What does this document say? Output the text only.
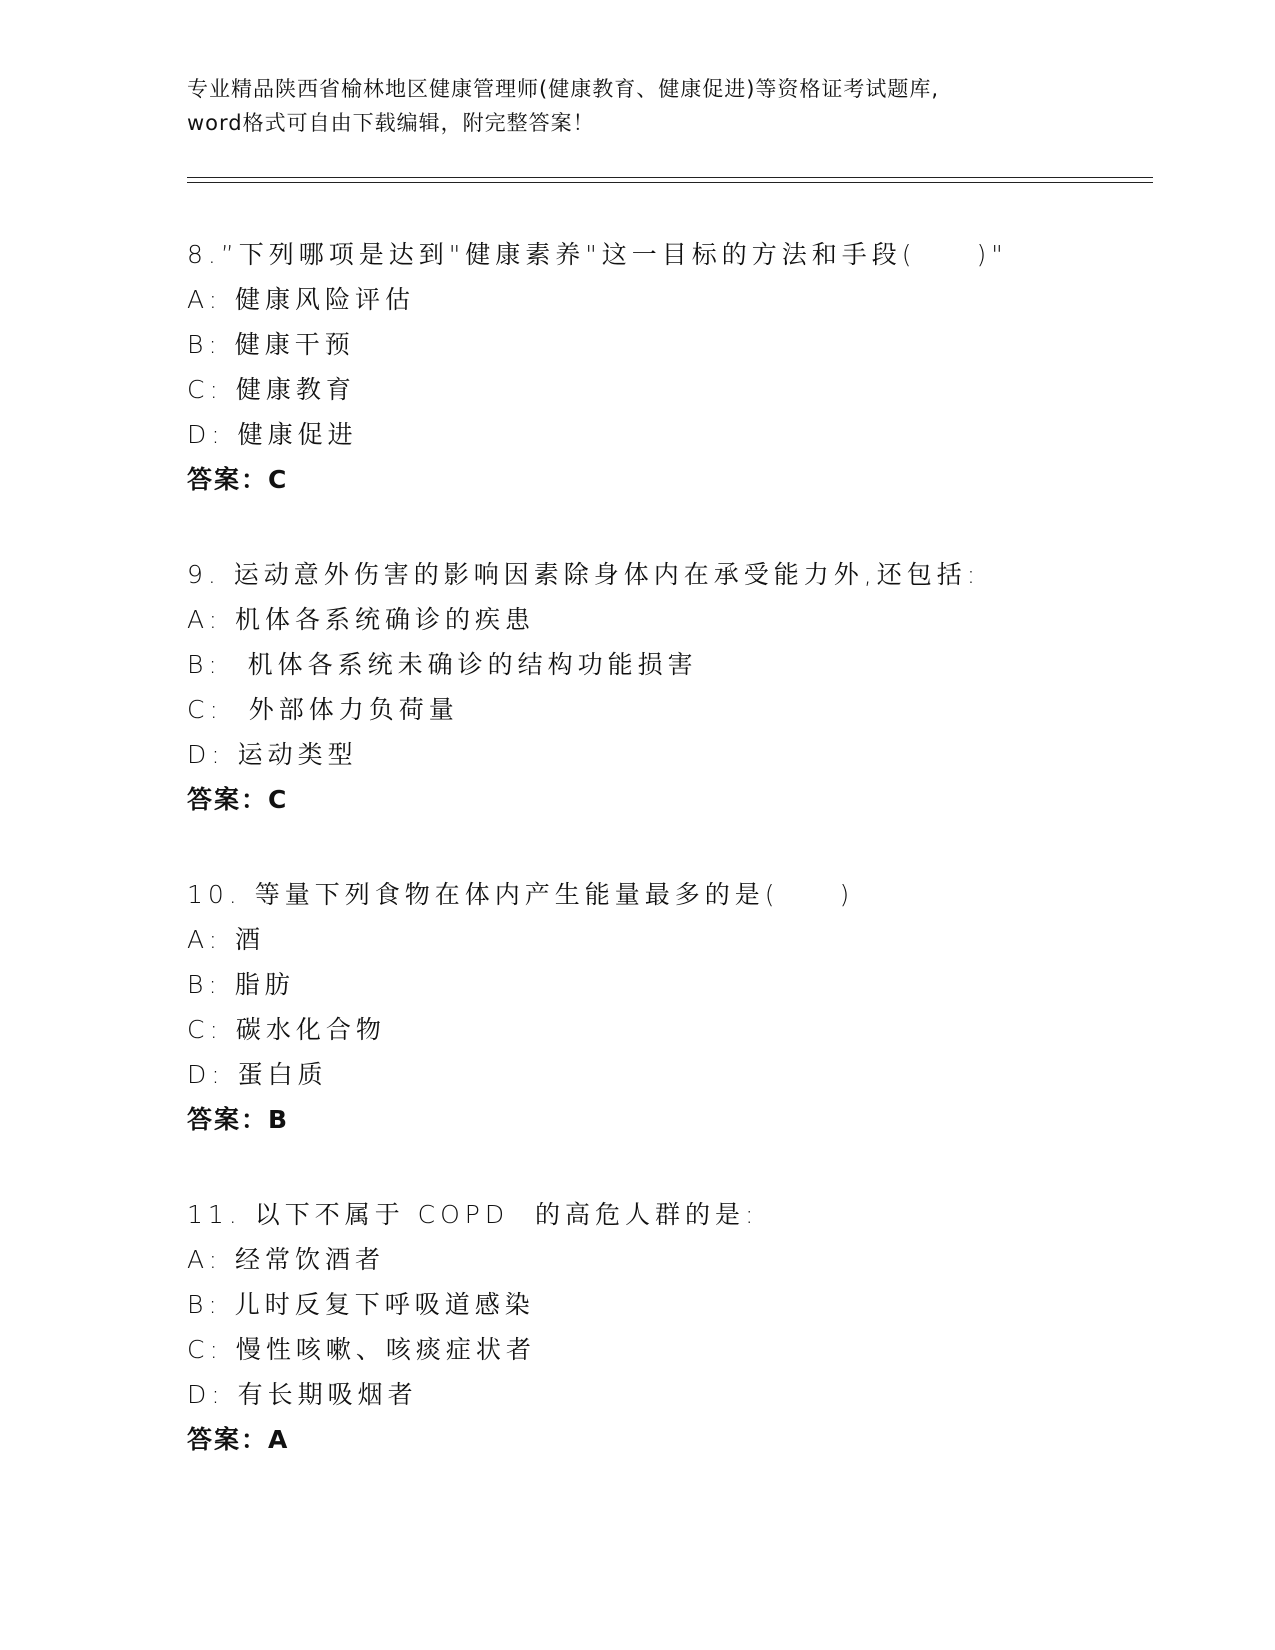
专业精品陕西省榆林地区健康管理师(健康教育、健康促进)等资格证考试题库,
word格式可自由下载编辑，附完整答案！
8.”下列哪项是达到"健康素养"这一目标的方法和手段(　　)"
A: 健康风险评估
B: 健康干预
C: 健康教育
D: 健康促进
答案：C
9. 运动意外伤害的影响因素除身体内在承受能力外,还包括:
A: 机体各系统确诊的疾患
B:  机体各系统未确诊的结构功能损害
C:  外部体力负荷量
D: 运动类型
答案：C
10. 等量下列食物在体内产生能量最多的是(　　)
A: 酒
B: 脂肪
C: 碳水化合物
D: 蛋白质
答案：B
11. 以下不属于 COPD  的高危人群的是:
A: 经常饮酒者
B: 儿时反复下呼吸道感染
C: 慢性咳嗽、咳痰症状者
D: 有长期吸烟者
答案：A
